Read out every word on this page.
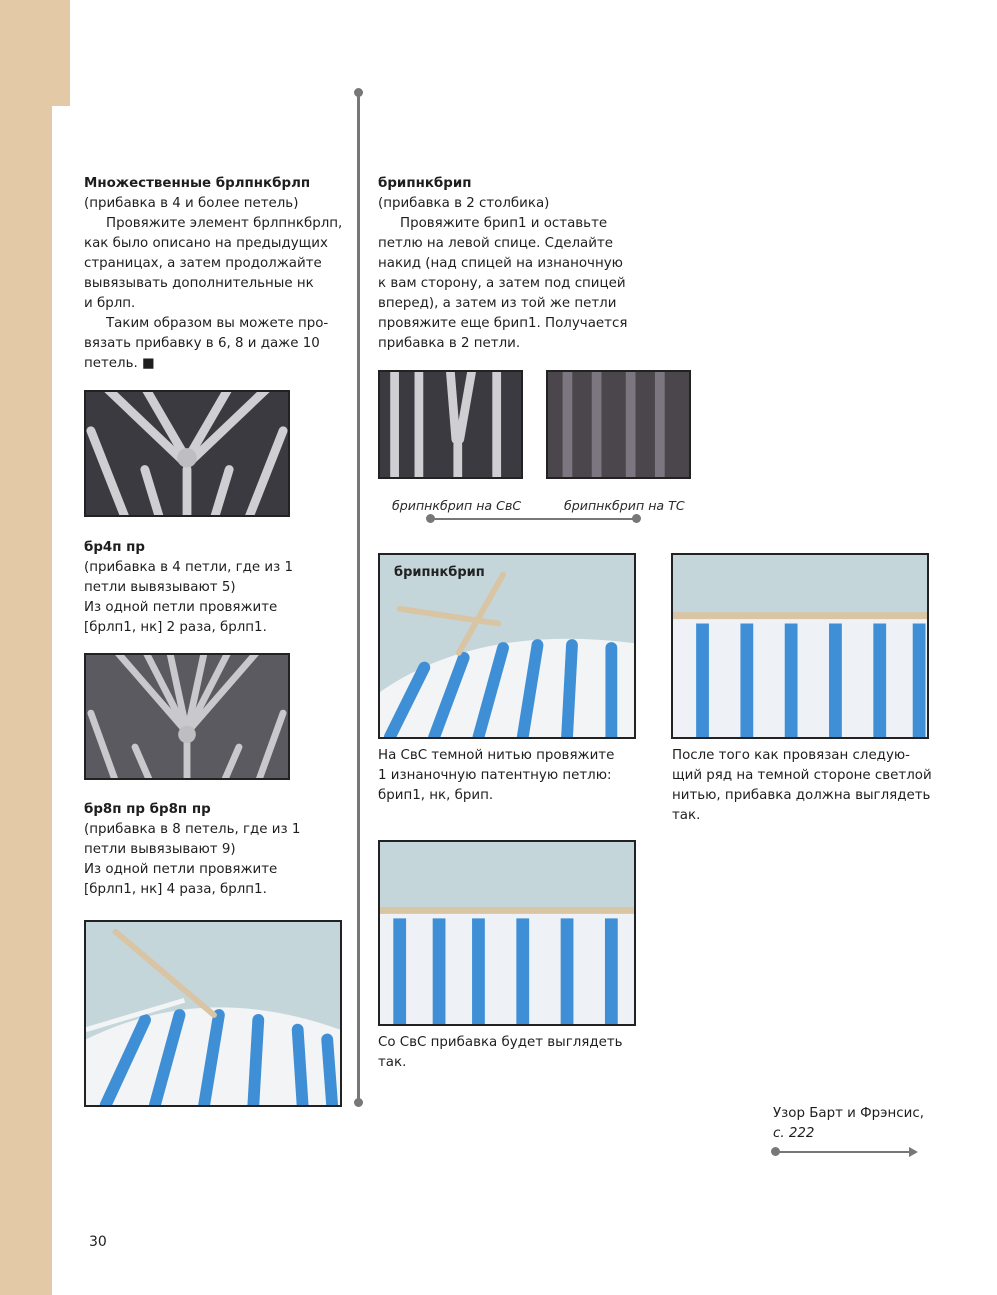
Множественные брлпнкбрлп
(прибавка в 4 и более петель)
Провяжите элемент брлпнкбрлп,
как было описано на предыдущих
страницах, а затем продолжайте
вывязывать дополнительные нк
и брлп.
Таким образом вы можете про-
вязать прибавку в 6, 8 и даже 10
петель. ■
бр4п пр
(прибавка в 4 петли, где из 1
петли вывязывают 5)
Из одной петли провяжите
[брлп1, нк] 2 раза, брлп1.
бр8п пр бр8п пр
(прибавка в 8 петель, где из 1
петли вывязывают 9)
Из одной петли провяжите
[брлп1, нк] 4 раза, брлп1.
брипнкбрип
(прибавка в 2 столбика)
Провяжите брип1 и оставьте
петлю на левой спице. Сделайте
накид (над спицей на изнаночную
к вам сторону, а затем под спицей
вперед), а затем из той же петли
провяжите еще брип1. Получается
прибавка в 2 петли.
брипнкбрип на СвС	брипнкбрип на ТС
брипнкбрип
На СвС темной нитью провяжите
1 изнаночную патентную петлю:
брип1, нк, брип.
После того как провязан следую-
щий ряд на темной стороне светлой
нитью, прибавка должна выглядеть
так.
Со СвС прибавка будет выглядеть
так.
Узор Барт и Фрэнсис,
с. 222
30
